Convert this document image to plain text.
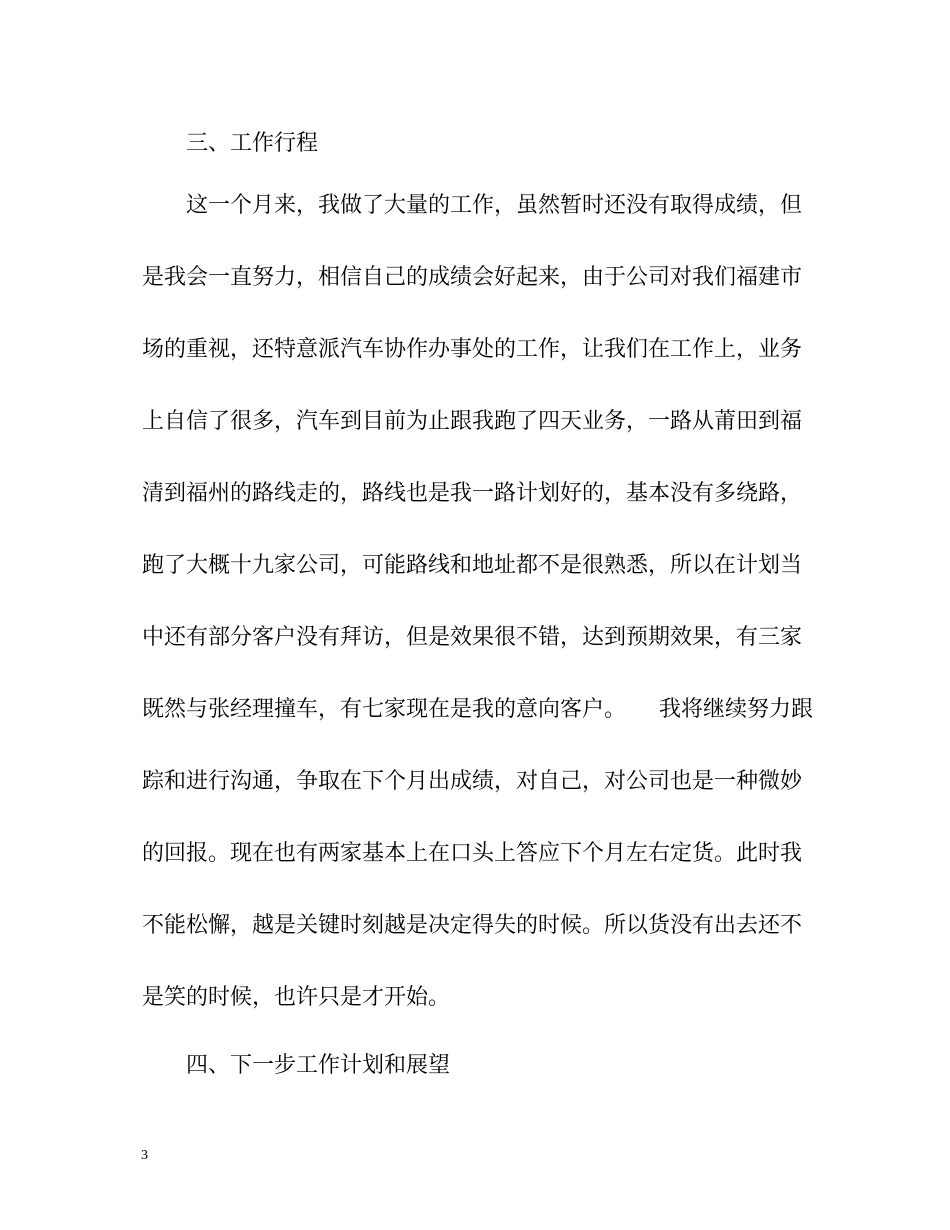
三、工作行程
这一个月来，我做了大量的工作，虽然暂时还没有取得成绩，但
是我会一直努力，相信自己的成绩会好起来，由于公司对我们福建市
场的重视，还特意派汽车协作办事处的工作，让我们在工作上，业务
上自信了很多，汽车到目前为止跟我跑了四天业务，一路从莆田到福
清到福州的路线走的，路线也是我一路计划好的，基本没有多绕路，
跑了大概十九家公司，可能路线和地址都不是很熟悉，所以在计划当
中还有部分客户没有拜访，但是效果很不错，达到预期效果，有三家
既然与张经理撞车，有七家现在是我的意向客户。　　我将继续努力跟
踪和进行沟通，争取在下个月出成绩，对自己，对公司也是一种微妙
的回报。现在也有两家基本上在口头上答应下个月左右定货。此时我
不能松懈，越是关键时刻越是决定得失的时候。所以货没有出去还不
是笑的时候，也许只是才开始。
四、下一步工作计划和展望
3
